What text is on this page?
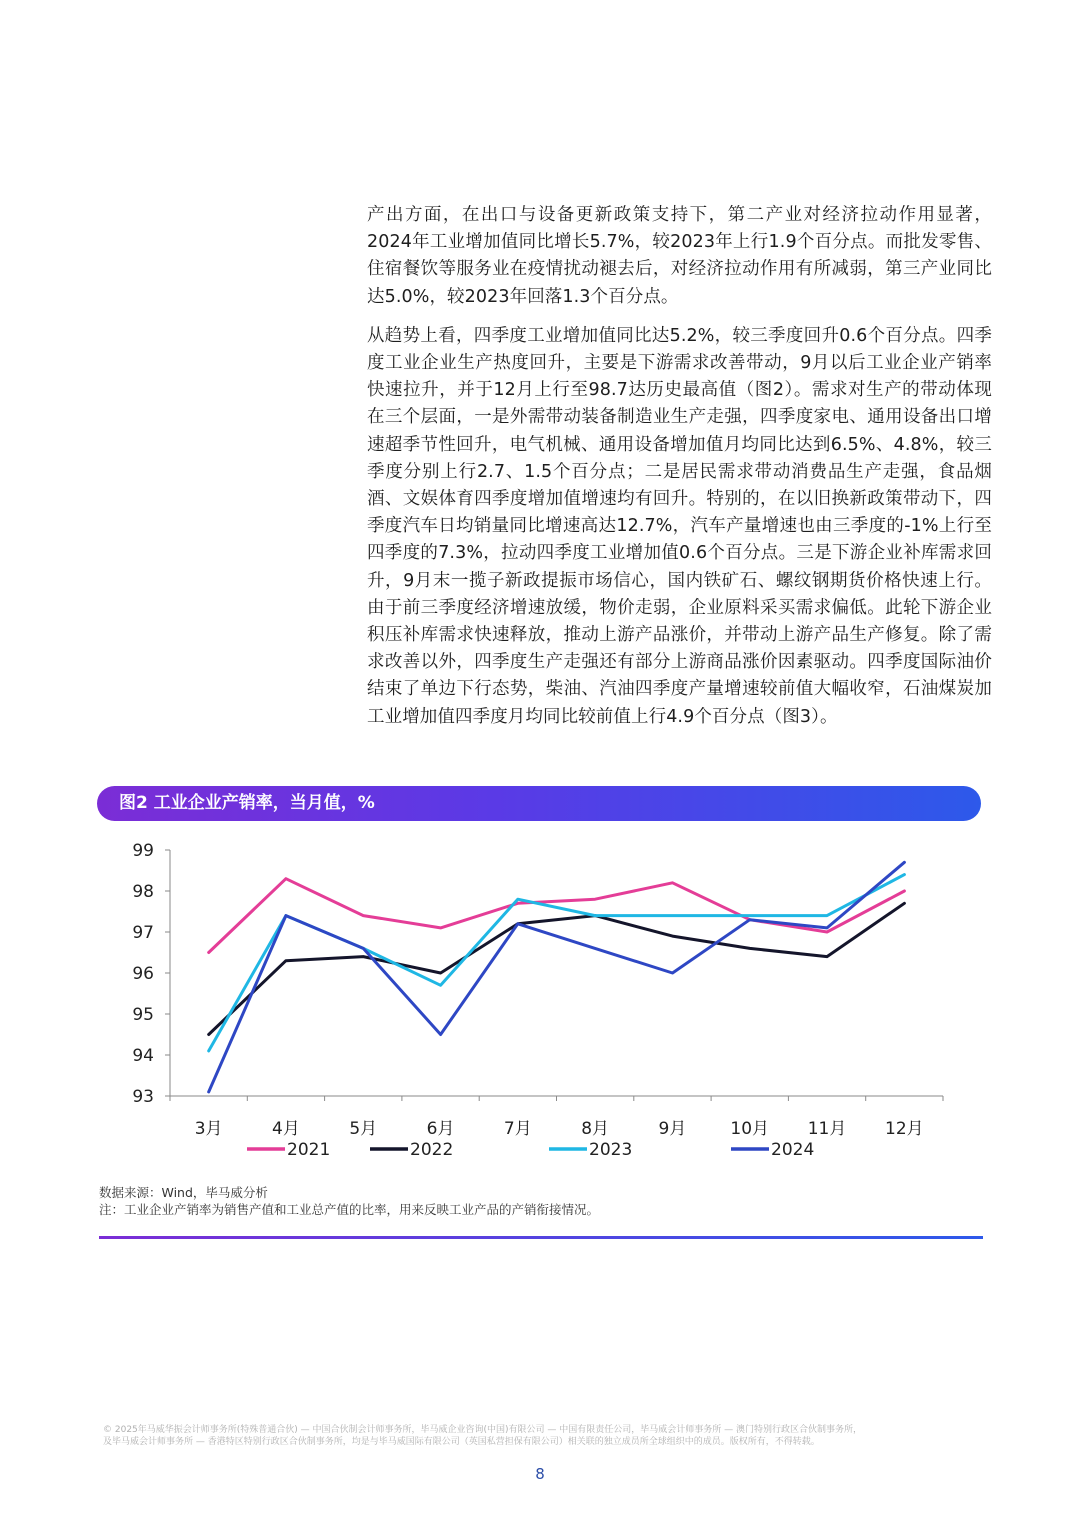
产出方面，在出口与设备更新政策支持下，第二产业对经济拉动作用显著，2024年工业增加值同比增长5.7%，较2023年上行1.9个百分点。而批发零售、住宿餐饮等服务业在疫情扰动褪去后，对经济拉动作用有所减弱，第三产业同比达5.0%，较2023年回落1.3个百分点。

从趋势上看，四季度工业增加值同比达5.2%，较三季度回升0.6个百分点。四季度工业企业生产热度回升，主要是下游需求改善带动，9月以后工业企业产销率快速拉升，并于12月上行至98.7达历史最高值（图2）。需求对生产的带动体现在三个层面，一是外需带动装备制造业生产走强，四季度家电、通用设备出口增速超季节性回升，电气机械、通用设备增加值月均同比达到6.5%、4.8%，较三季度分别上行2.7、1.5个百分点；二是居民需求带动消费品生产走强，食品烟酒、文娱体育四季度增加值增速均有回升。特别的，在以旧换新政策带动下，四季度汽车日均销量同比增速高达12.7%，汽车产量增速也由三季度的-1%上行至四季度的7.3%，拉动四季度工业增加值0.6个百分点。三是下游企业补库需求回升，9月末一揽子新政提振市场信心，国内铁矿石、螺纹钢期货价格快速上行。由于前三季度经济增速放缓，物价走弱，企业原料采买需求偏低。此轮下游企业积压补库需求快速释放，推动上游产品涨价，并带动上游产品生产修复。除了需求改善以外，四季度生产走强还有部分上游商品涨价因素驱动。四季度国际油价结束了单边下行态势，柴油、汽油四季度产量增速较前值大幅收窄，石油煤炭加工业增加值四季度月均同比较前值上行4.9个百分点（图3）。

图2 工业企业产销率，当月值，%
93
94
95
96
97
98
99
3月	4月	5月	6月	7月	8月	9月	10月 11月 12月
2021	2022	2023	2024
数据来源：Wind，毕马威分析
注：工业企业产销率为销售产值和工业总产值的比率，用来反映工业产品的产销衔接情况。
© 2025年马威华振会计师事务所(特殊普通合伙) — 中国合伙制会计师事务所，毕马威企业咨询(中国)有限公司 — 中国有限责任公司，毕马威会计师事务所 — 澳门特别行政区合伙制事务所，
及毕马威会计师事务所 — 香港特区特别行政区合伙制事务所，均是与毕马威国际有限公司（英国私营担保有限公司）相关联的独立成员所全球组织中的成员。版权所有，不得转载。
8
